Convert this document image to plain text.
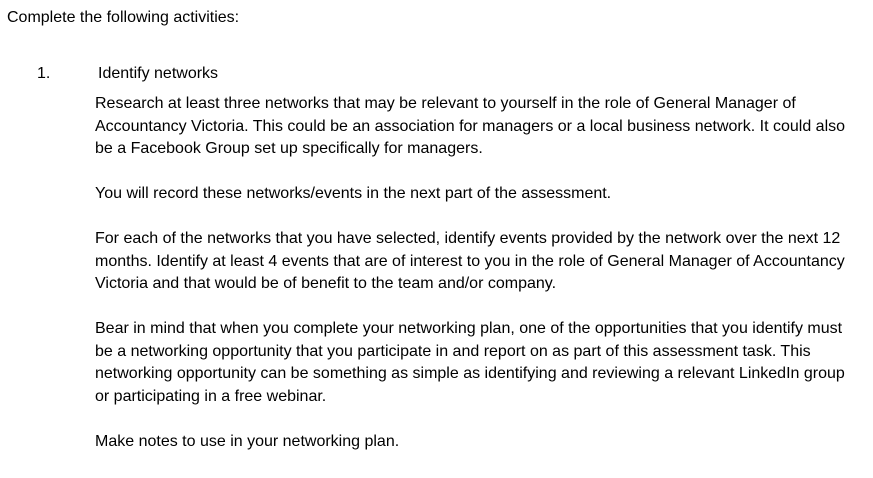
Complete the following activities:

1.	Identify networks

Research at least three networks that may be relevant to yourself in the role of General Manager of Accountancy Victoria. This could be an association for managers or a local business network. It could also be a Facebook Group set up specifically for managers.

You will record these networks/events in the next part of the assessment.

For each of the networks that you have selected, identify events provided by the network over the next 12 months. Identify at least 4 events that are of interest to you in the role of General Manager of Accountancy Victoria and that would be of benefit to the team and/or company.

Bear in mind that when you complete your networking plan, one of the opportunities that you identify must be a networking opportunity that you participate in and report on as part of this assessment task. This networking opportunity can be something as simple as identifying and reviewing a relevant LinkedIn group or participating in a free webinar.

Make notes to use in your networking plan.
